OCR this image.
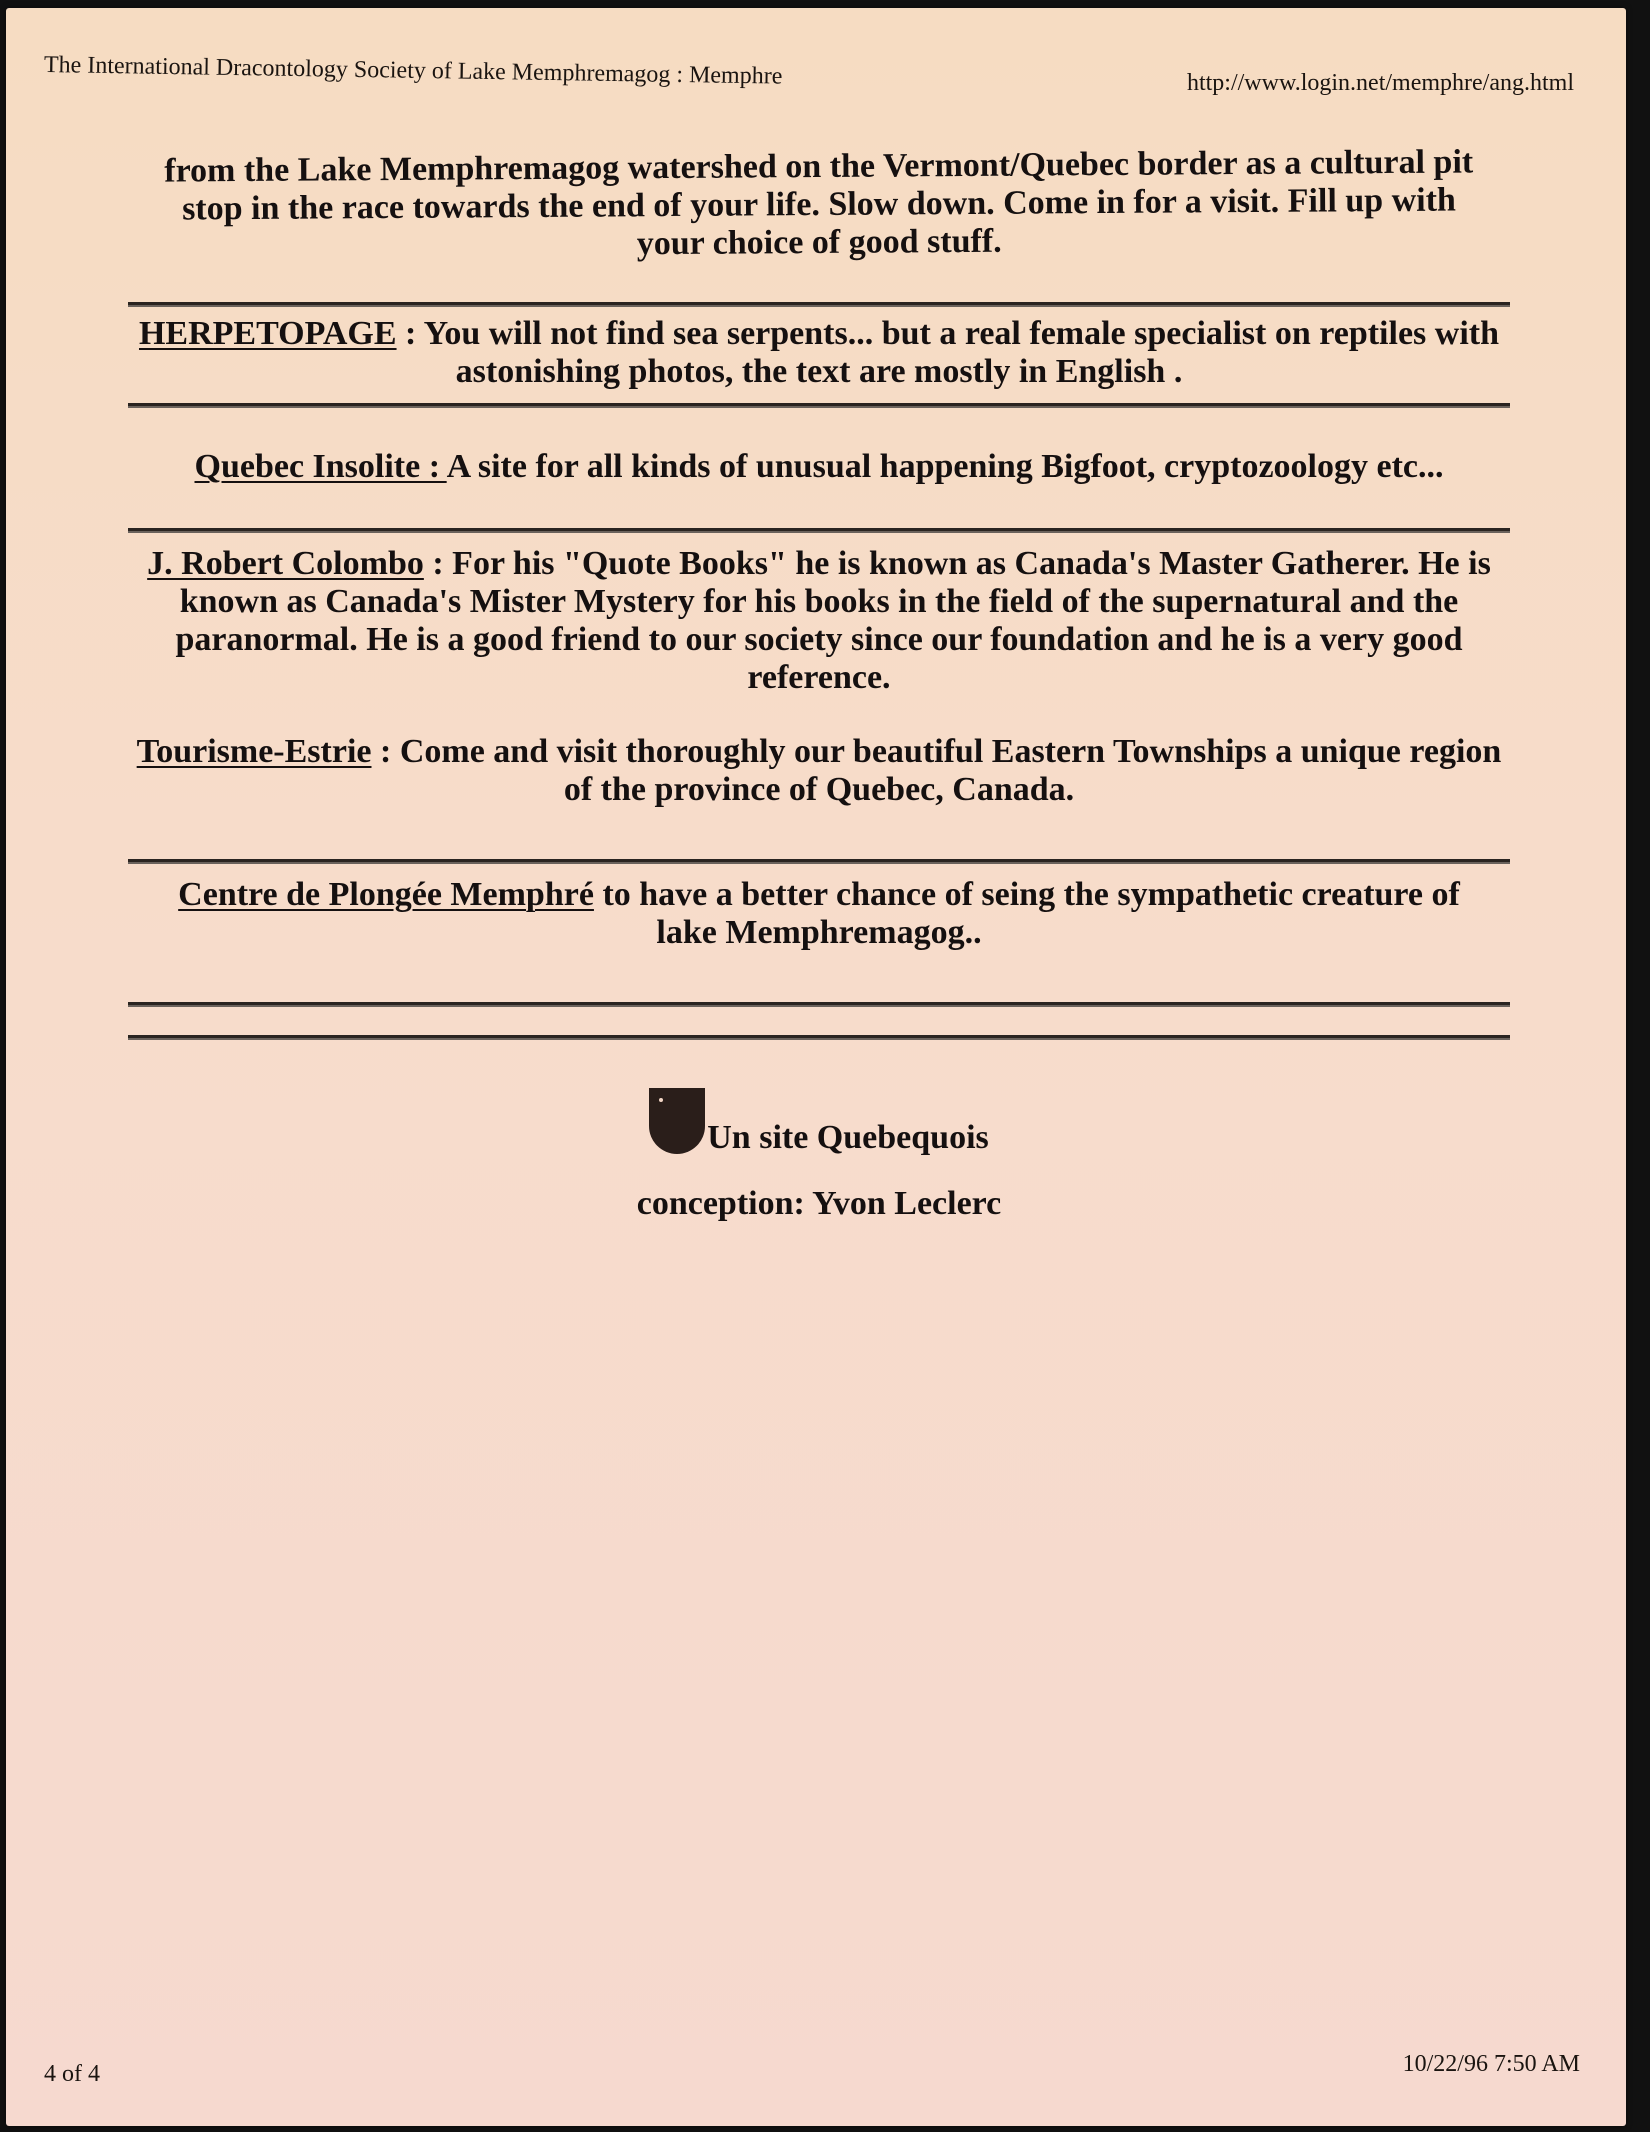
The International Dracontology Society of Lake Memphremagog : Memphre	http://www.login.net/memphre/ang.html

from the Lake Memphremagog watershed on the Vermont/Quebec border as a cultural pit stop in the race towards the end of your life. Slow down. Come in for a visit. Fill up with your choice of good stuff.

HERPETOPAGE : You will not find sea serpents... but a real female specialist on reptiles with astonishing photos, the text are mostly in English .

Quebec Insolite : A site for all kinds of unusual happening Bigfoot, cryptozoology etc...

J. Robert Colombo : For his "Quote Books" he is known as Canada's Master Gatherer. He is known as Canada's Mister Mystery for his books in the field of the supernatural and the paranormal. He is a good friend to our society since our foundation and he is a very good reference.

Tourisme-Estrie : Come and visit thoroughly our beautiful Eastern Townships a unique region of the province of Quebec, Canada.

Centre de Plongée Memphré to have a better chance of seing the sympathetic creature of lake Memphremagog..

Un site Quebequois
conception: Yvon Leclerc
4 of 4	10/22/96 7:50 AM
